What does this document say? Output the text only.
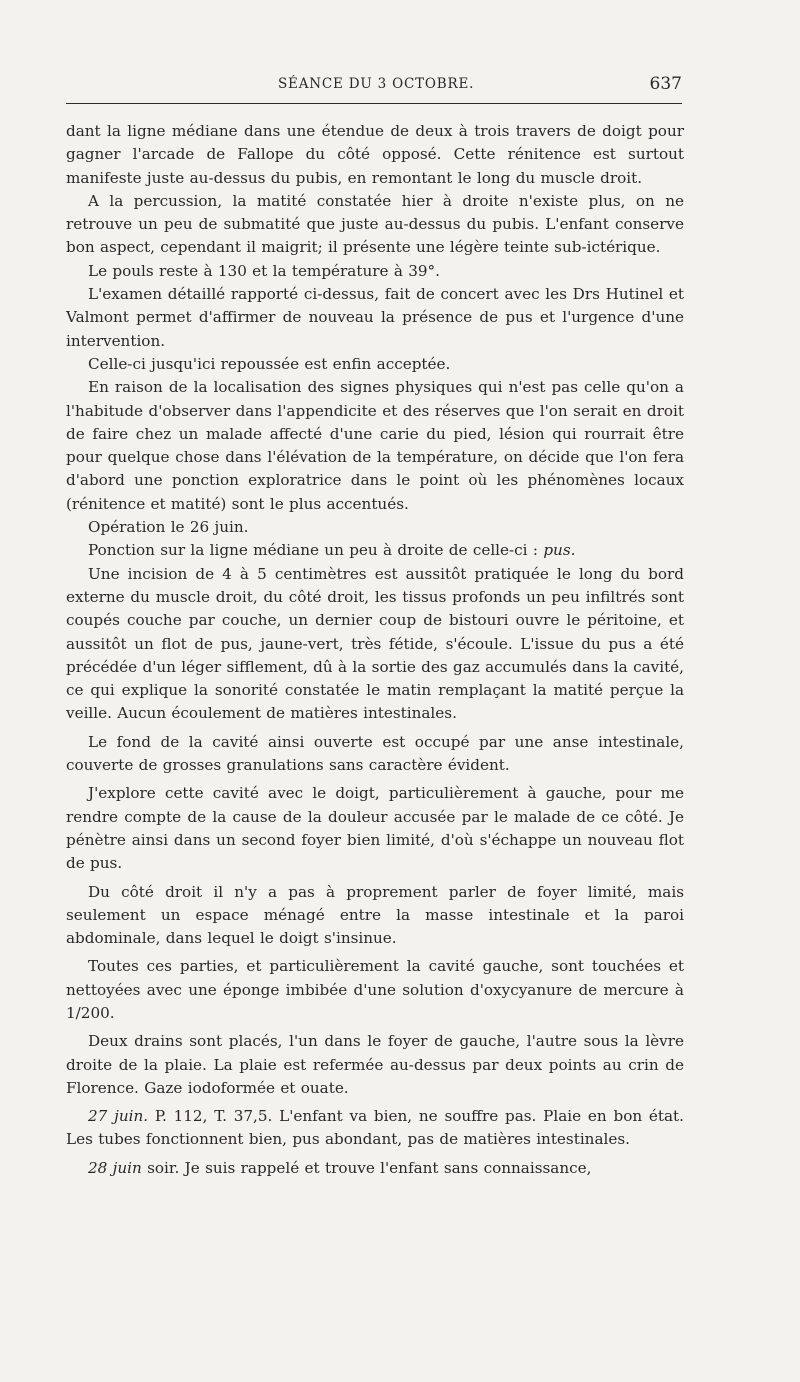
SÉANCE DU 3 OCTOBRE.	637

dant la ligne médiane dans une étendue de deux à trois travers de doigt pour gagner l'arcade de Fallope du côté opposé. Cette rénitence est surtout manifeste juste au-dessus du pubis, en remontant le long du muscle droit.

A la percussion, la matité constatée hier à droite n'existe plus, on ne retrouve un peu de submatité que juste au-dessus du pubis. L'enfant conserve bon aspect, cependant il maigrit; il présente une légère teinte sub-ictérique.

Le pouls reste à 130 et la température à 39°.

L'examen détaillé rapporté ci-dessus, fait de concert avec les Drs Hutinel et Valmont permet d'affirmer de nouveau la présence de pus et l'urgence d'une intervention.

Celle-ci jusqu'ici repoussée est enfin acceptée.

En raison de la localisation des signes physiques qui n'est pas celle qu'on a l'habitude d'observer dans l'appendicite et des réserves que l'on serait en droit de faire chez un malade affecté d'une carie du pied, lésion qui rourrait être pour quelque chose dans l'élévation de la température, on décide que l'on fera d'abord une ponction exploratrice dans le point où les phénomènes locaux (rénitence et matité) sont le plus accentués.

Opération le 26 juin.

Ponction sur la ligne médiane un peu à droite de celle-ci : pus.

Une incision de 4 à 5 centimètres est aussitôt pratiquée le long du bord externe du muscle droit, du côté droit, les tissus profonds un peu infiltrés sont coupés couche par couche, un dernier coup de bistouri ouvre le péritoine, et aussitôt un flot de pus, jaune-vert, très fétide, s'écoule. L'issue du pus a été précédée d'un léger sifflement, dû à la sortie des gaz accumulés dans la cavité, ce qui explique la sonorité constatée le matin remplaçant la matité perçue la veille. Aucun écoulement de matières intestinales.

Le fond de la cavité ainsi ouverte est occupé par une anse intestinale, couverte de grosses granulations sans caractère évident.

J'explore cette cavité avec le doigt, particulièrement à gauche, pour me rendre compte de la cause de la douleur accusée par le malade de ce côté. Je pénètre ainsi dans un second foyer bien limité, d'où s'échappe un nouveau flot de pus.

Du côté droit il n'y a pas à proprement parler de foyer limité, mais seulement un espace ménagé entre la masse intestinale et la paroi abdominale, dans lequel le doigt s'insinue.

Toutes ces parties, et particulièrement la cavité gauche, sont touchées et nettoyées avec une éponge imbibée d'une solution d'oxycyanure de mercure à 1/200.

Deux drains sont placés, l'un dans le foyer de gauche, l'autre sous la lèvre droite de la plaie. La plaie est refermée au-dessus par deux points au crin de Florence. Gaze iodoformée et ouate.

27 juin. P. 112, T. 37,5. L'enfant va bien, ne souffre pas. Plaie en bon état. Les tubes fonctionnent bien, pus abondant, pas de matières intestinales.

28 juin soir. Je suis rappelé et trouve l'enfant sans connaissance,
